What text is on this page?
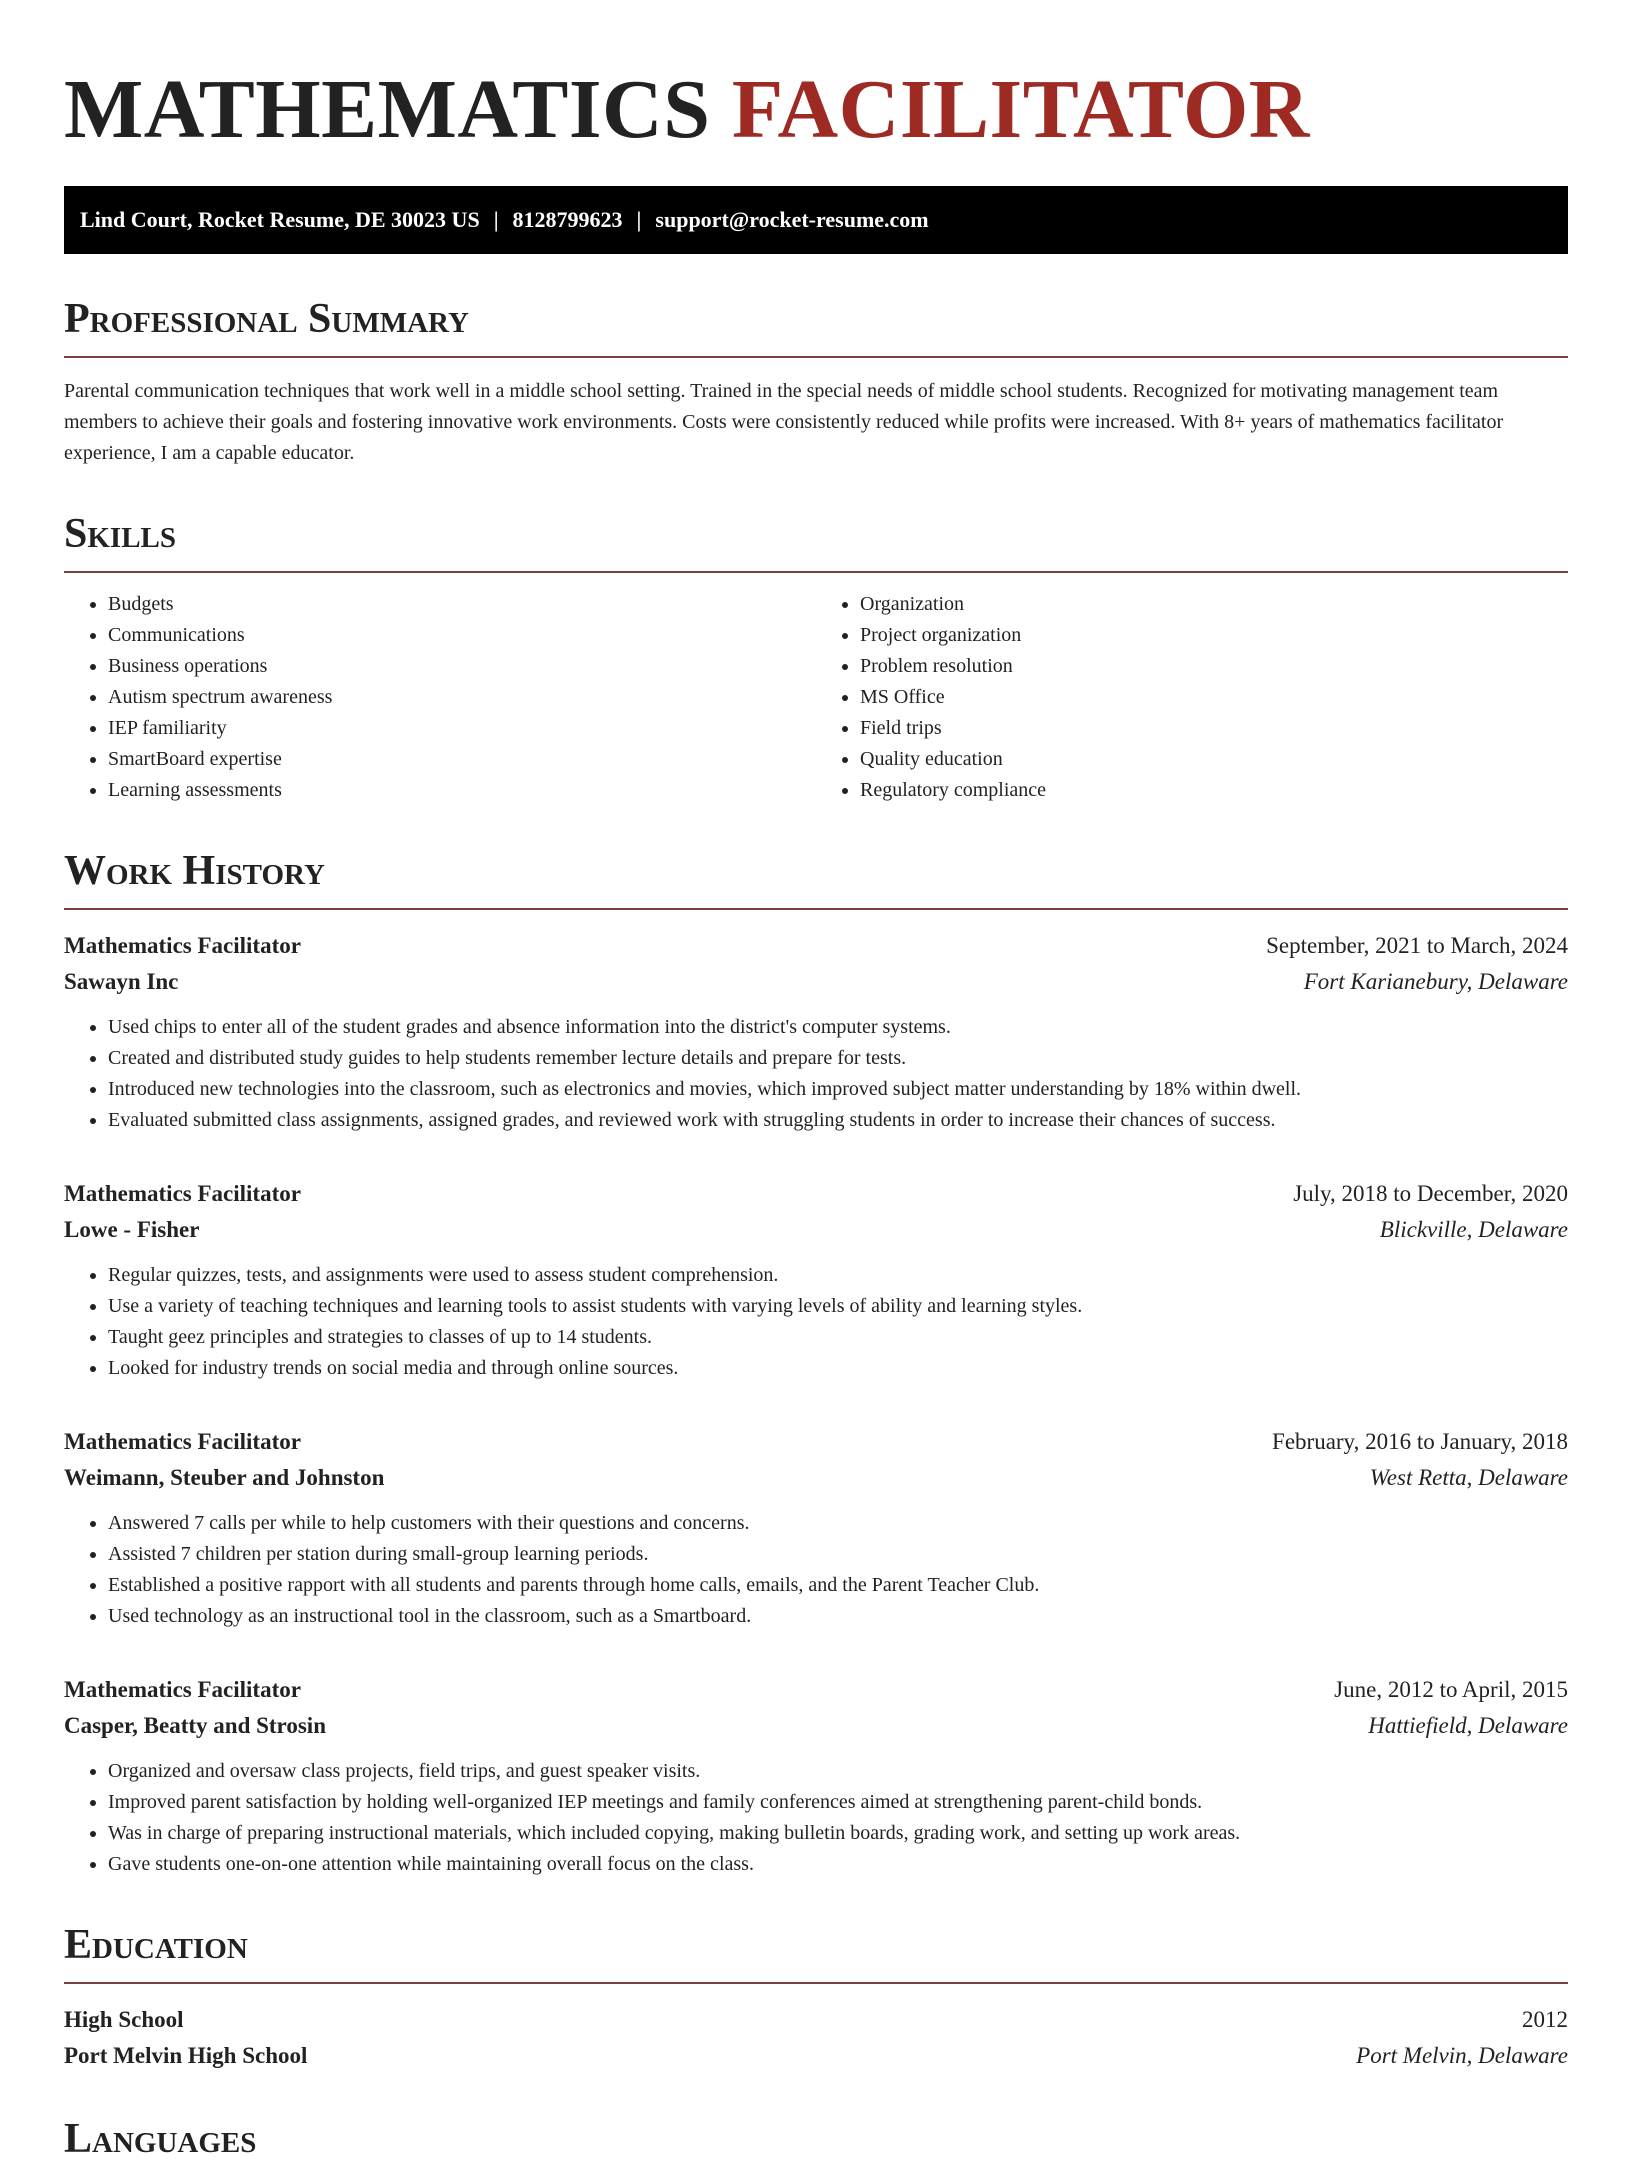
MATHEMATICS FACILITATOR
Lind Court, Rocket Resume, DE 30023 US | 8128799623 | support@rocket-resume.com
Professional Summary

Parental communication techniques that work well in a middle school setting. Trained in the special needs of middle school students. Recognized for motivating management team members to achieve their goals and fostering innovative work environments. Costs were consistently reduced while profits were increased. With 8+ years of mathematics facilitator experience, I am a capable educator.

Skills
• Budgets
• Communications
• Business operations
• Autism spectrum awareness
• IEP familiarity
• SmartBoard expertise
• Learning assessments
• Organization
• Project organization
• Problem resolution
• MS Office
• Field trips
• Quality education
• Regulatory compliance
Work History
Mathematics Facilitator	September, 2021 to March, 2024
Sawayn Inc	Fort Karianebury, Delaware
• Used chips to enter all of the student grades and absence information into the district's computer systems.
• Created and distributed study guides to help students remember lecture details and prepare for tests.
• Introduced new technologies into the classroom, such as electronics and movies, which improved subject matter understanding by 18% within dwell.
• Evaluated submitted class assignments, assigned grades, and reviewed work with struggling students in order to increase their chances of success.
Mathematics Facilitator	July, 2018 to December, 2020
Lowe - Fisher	Blickville, Delaware
• Regular quizzes, tests, and assignments were used to assess student comprehension.
• Use a variety of teaching techniques and learning tools to assist students with varying levels of ability and learning styles.
• Taught geez principles and strategies to classes of up to 14 students.
• Looked for industry trends on social media and through online sources.
Mathematics Facilitator	February, 2016 to January, 2018
Weimann, Steuber and Johnston	West Retta, Delaware
• Answered 7 calls per while to help customers with their questions and concerns.
• Assisted 7 children per station during small-group learning periods.
• Established a positive rapport with all students and parents through home calls, emails, and the Parent Teacher Club.
• Used technology as an instructional tool in the classroom, such as a Smartboard.
Mathematics Facilitator	June, 2012 to April, 2015
Casper, Beatty and Strosin	Hattiefield, Delaware
• Organized and oversaw class projects, field trips, and guest speaker visits.
• Improved parent satisfaction by holding well-organized IEP meetings and family conferences aimed at strengthening parent-child bonds.
• Was in charge of preparing instructional materials, which included copying, making bulletin boards, grading work, and setting up work areas.
• Gave students one-on-one attention while maintaining overall focus on the class.
Education
High School	2012
Port Melvin High School	Port Melvin, Delaware
Languages
